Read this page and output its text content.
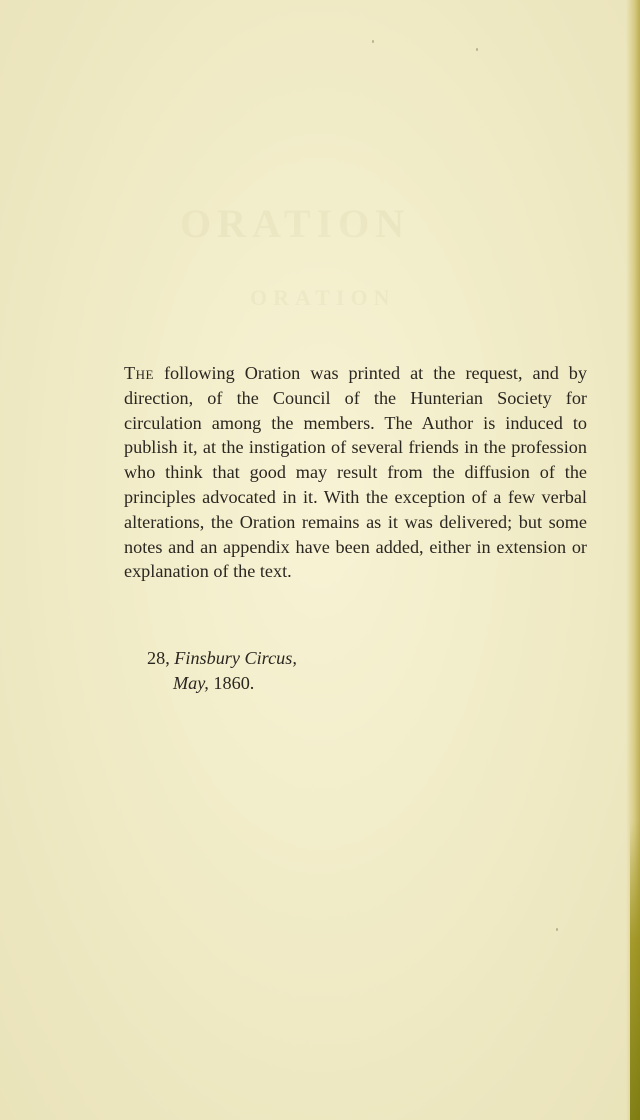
ORATION
ORATION

The following Oration was printed at the request, and by direction, of the Council of the Hunterian Society for circulation among the members. The Author is induced to publish it, at the instigation of several friends in the profession who think that good may result from the diffusion of the principles advocated in it. With the exception of a few verbal alterations, the Oration remains as it was delivered; but some notes and an appendix have been added, either in extension or explanation of the text.

28, Finsbury Circus,
May, 1860.
